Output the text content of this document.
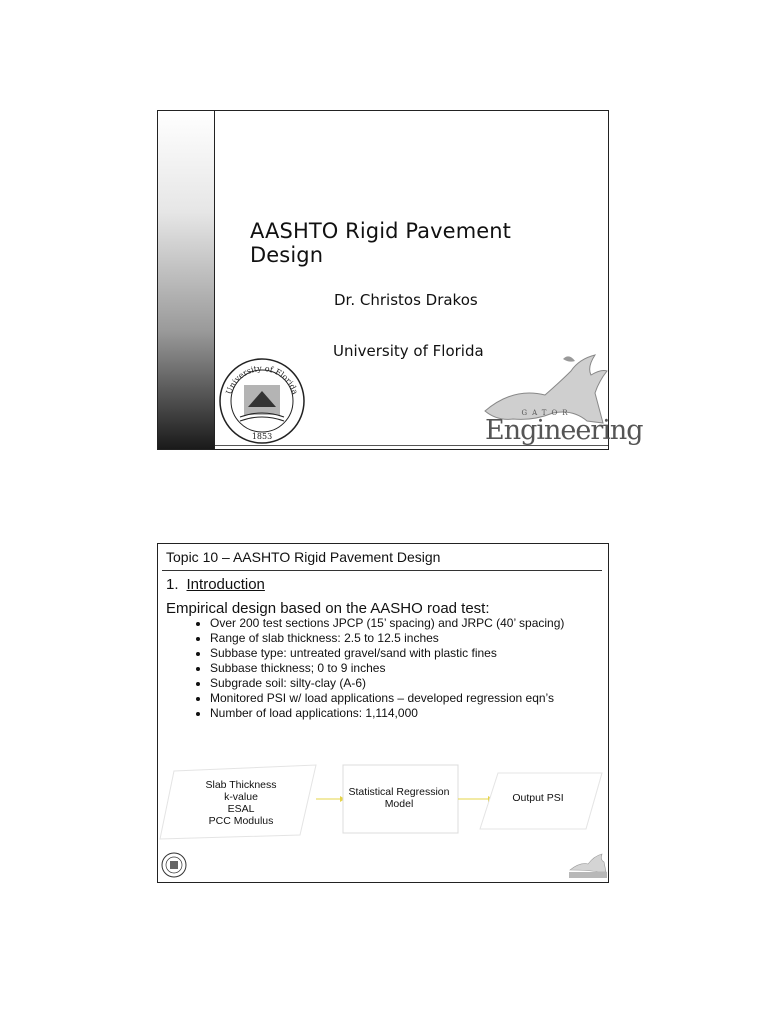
AASHTO Rigid Pavement Design
Dr. Christos Drakos
University of Florida
University of Florida
1853
GATOR
Engineering
Topic 10 – AASHTO Rigid Pavement Design
1. Introduction
Empirical design based on the AASHO road test:
• Over 200 test sections JPCP (15’ spacing) and JRPC (40’ spacing)
• Range of slab thickness: 2.5 to 12.5 inches
• Subbase type: untreated gravel/sand with plastic fines
• Subbase thickness; 0 to 9 inches
• Subgrade soil: silty-clay (A-6)
• Monitored PSI w/ load applications – developed regression eqn’s
• Number of load applications: 1,114,000
Slab Thickness
k-value
ESAL
PCC Modulus
Statistical Regression
Model	Output PSI
